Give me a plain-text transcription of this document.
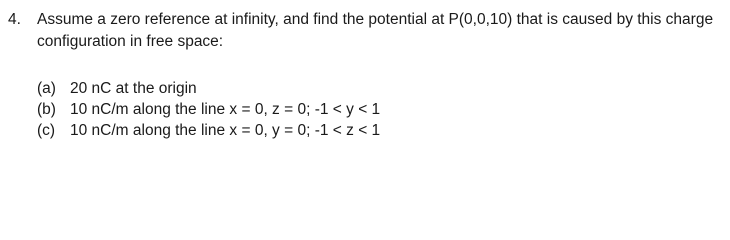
4. Assume a zero reference at infinity, and find the potential at P(0,0,10) that is caused by this charge configuration in free space:
(a) 20 nC at the origin
(b) 10 nC/m along the line x = 0, z = 0; -1 < y < 1
(c) 10 nC/m along the line x = 0, y = 0; -1 < z < 1
